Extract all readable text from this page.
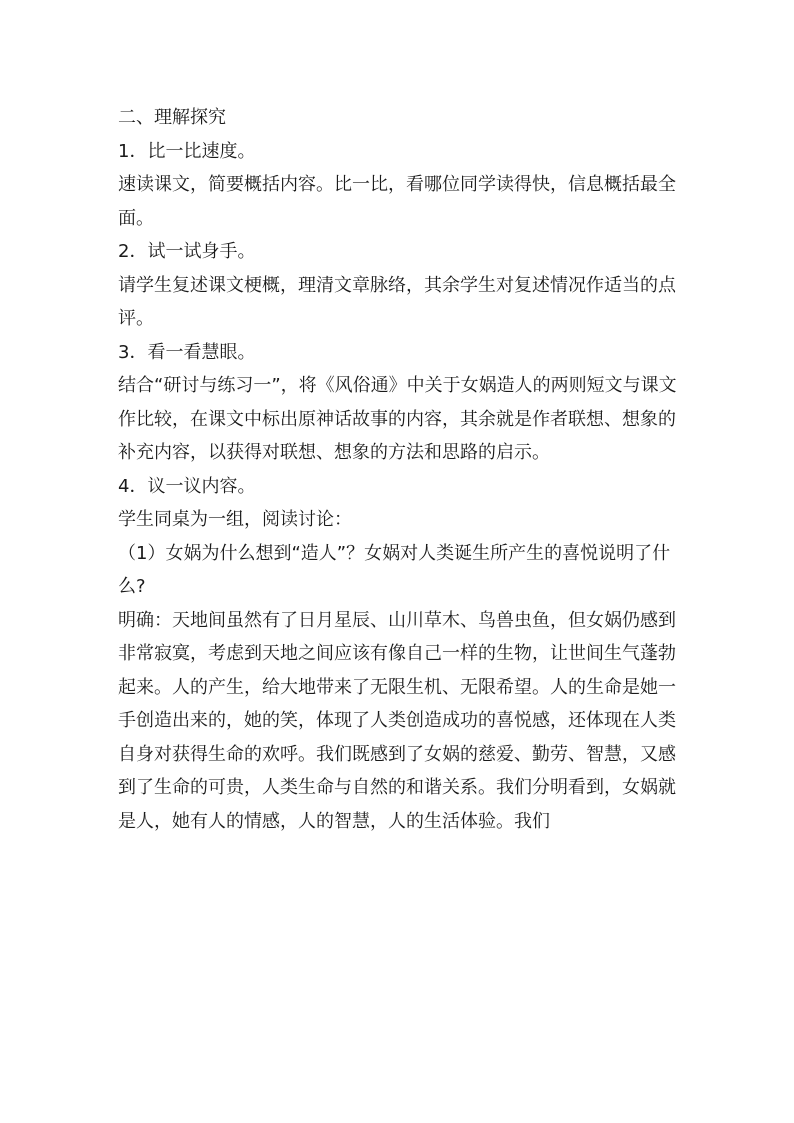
二、理解探究

1．比一比速度。

速读课文，简要概括内容。比一比，看哪位同学读得快，信息概括最全面。

2．试一试身手。

请学生复述课文梗概，理清文章脉络，其余学生对复述情况作适当的点评。

3．看一看慧眼。

结合“研讨与练习一”，将《风俗通》中关于女娲造人的两则短文与课文作比较，在课文中标出原神话故事的内容，其余就是作者联想、想象的补充内容，以获得对联想、想象的方法和思路的启示。

4．议一议内容。

学生同桌为一组，阅读讨论：

（1）女娲为什么想到“造人”？女娲对人类诞生所产生的喜悦说明了什么?

明确：天地间虽然有了日月星辰、山川草木、鸟兽虫鱼，但女娲仍感到非常寂寞，考虑到天地之间应该有像自己一样的生物，让世间生气蓬勃起来。人的产生，给大地带来了无限生机、无限希望。人的生命是她一手创造出来的，她的笑，体现了人类创造成功的喜悦感，还体现在人类自身对获得生命的欢呼。我们既感到了女娲的慈爱、勤劳、智慧，又感到了生命的可贵，人类生命与自然的和谐关系。我们分明看到，女娲就是人，她有人的情感，人的智慧，人的生活体验。我们
